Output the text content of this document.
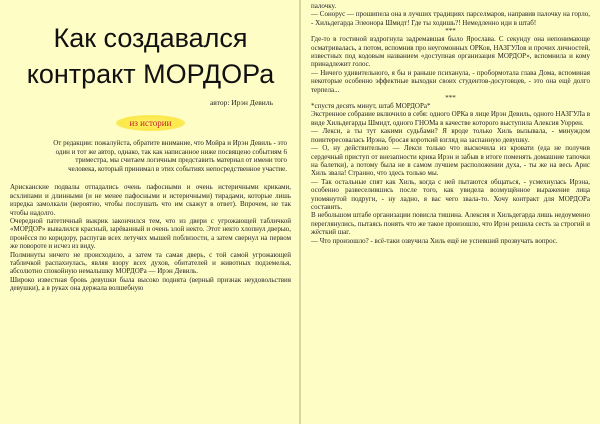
Как создавался
контракт МОРДОРа
автор: Ирэн Девиль
из истории
От редакции: пожалуйста, обратите внимание, что Мойра и Ирэн Девиль - это один и тот же автор, однако, так как написанное ниже посвящено событиям 6 триместра, мы считаем логичным представить материал от имени того человека, который принимал в этих событиях непосредственное участие.

Арисканские подвалы отпадались очень пафосными и очень истеричными криками, всхлипами и длинными (и не менее пафосными и истеричными) тирадами, которые лишь изредка замолкали (вероятно, чтобы послушать что им скажут в ответ). Впрочем, не так чтобы надолго.

Очередной патетичный выкрик закончился тем, что из двери с угрожающей табличкой «МОРДОР» вывалился красный, зарёванный и очень злой некто. Этот некто хлопнул дверью, пронёсся по коридору, распугав всех летучих мышей поблизости, а затем свернул на первом же повороте и исчез из виду.

Полминуты ничего не происходило, а затем та самая дверь, с той самой угрожающей табличкой распахнулась, являя взору всех духов, обитателей и животных подземелья, абсолютно спокойную немалышку МОРДОРа — Ирэн Девиль.

Широко известная бровь девушки была высоко поднята (верный признак неудовольствия девушки), а в руках она держала волшебную

палочку.

— Сонорус — прошипела она в лучших традициях парселмаров, направив палочку на горло, - Хильдегарда Элеонора Шмидт! Где ты ходишь?! Немедленно иди в штаб!

***

Где-то в гостиной вздрогнула задремавшая было Ярослава. С секунду она непонимающе осматривалась, а потом, вспомнив про неугомонных ОРКов, НАЗГУЛов и прочих личностей, известных под кодовым названием «доступная организация МОРДОР», вспомнила и кому принадлежит голос.

— Ничего удивительного, я бы и раньше психанула, - пробормотала глава Дома, вспоминая некоторые особенно эффектные выходки своих студентов-досуговцев, - это она ещё долго терпела...

***

*спустя десять минут, штаб МОРДОРа*

Экстренное собрание включило в себя: одного ОРКа в лице Ирэн Девиль, одного НАЗГУЛа в виде Хильдегарды Шмидт, одного ГНОМа в качестве которого выступила Алексия Уоррен.

— Лекси, а ты тут какими судьбами? Я вроде только Хиль вызывала, - минуждом поинтересовалась Ирэна, бросая короткий взгляд на заспанную девушку.

— О, ну действительно — Лекси только что выскочила из кровати (еда не получив сердечный приступ от внезапности крика Ирэн и забыв в итоге поменять домашние тапочки на балетки), а потому была не в самом лучшем расположении духа, - ты же на весь Арис Хиль звала! Странно, что здесь только мы.

— Так остальные спят как Хиль, когда с ней пытаются общаться, - усмехнулась Ирэна, особенно развеселившись после того, как увидела возмущённое выражение лица упомянутой подруги, - ну ладно, я вас чего звала-то. Хочу контракт для МОРДОРа составить.

В небольшом штабе организации повисла тишина. Алексия и Хильдегарда лишь недоуменно переглянулись, пытаясь понять что же такое произошло, что Ирэн решила сесть за строгий и жёсткий шаг.

— Что произошло? - всё-таки озвучила Хиль ещё не успевший прозвучать вопрос.
